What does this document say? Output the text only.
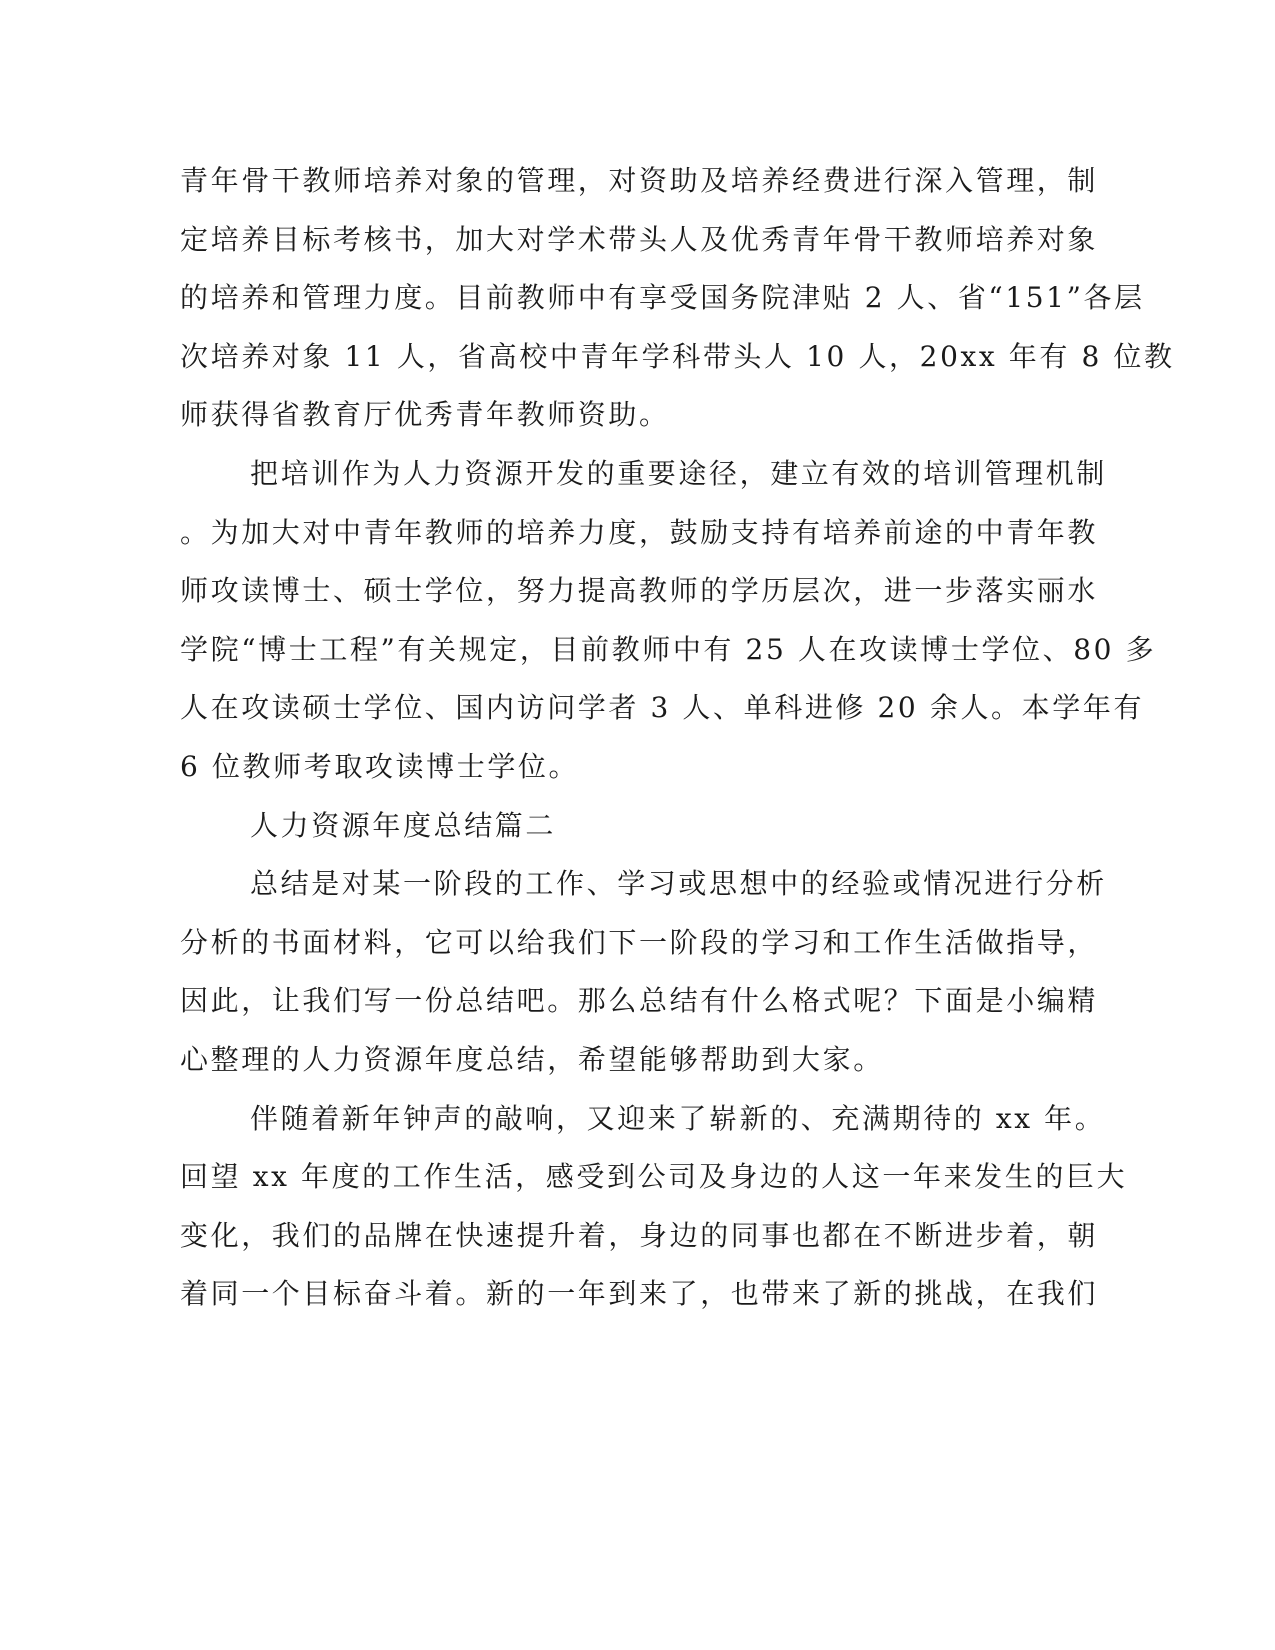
青年骨干教师培养对象的管理，对资助及培养经费进行深入管理，制
定培养目标考核书，加大对学术带头人及优秀青年骨干教师培养对象
的培养和管理力度。目前教师中有享受国务院津贴 2 人、省“151”各层
次培养对象 11 人，省高校中青年学科带头人 10 人，20xx 年有 8 位教
师获得省教育厅优秀青年教师资助。
把培训作为人力资源开发的重要途径，建立有效的培训管理机制
。为加大对中青年教师的培养力度，鼓励支持有培养前途的中青年教
师攻读博士、硕士学位，努力提高教师的学历层次，进一步落实丽水
学院“博士工程”有关规定，目前教师中有 25 人在攻读博士学位、80 多
人在攻读硕士学位、国内访问学者 3 人、单科进修 20 余人。本学年有
6 位教师考取攻读博士学位。
人力资源年度总结篇二
总结是对某一阶段的工作、学习或思想中的经验或情况进行分析
分析的书面材料，它可以给我们下一阶段的学习和工作生活做指导，
因此，让我们写一份总结吧。那么总结有什么格式呢？下面是小编精
心整理的人力资源年度总结，希望能够帮助到大家。
伴随着新年钟声的敲响，又迎来了崭新的、充满期待的 xx 年。
回望 xx 年度的工作生活，感受到公司及身边的人这一年来发生的巨大
变化，我们的品牌在快速提升着，身边的同事也都在不断进步着，朝
着同一个目标奋斗着。新的一年到来了，也带来了新的挑战，在我们
